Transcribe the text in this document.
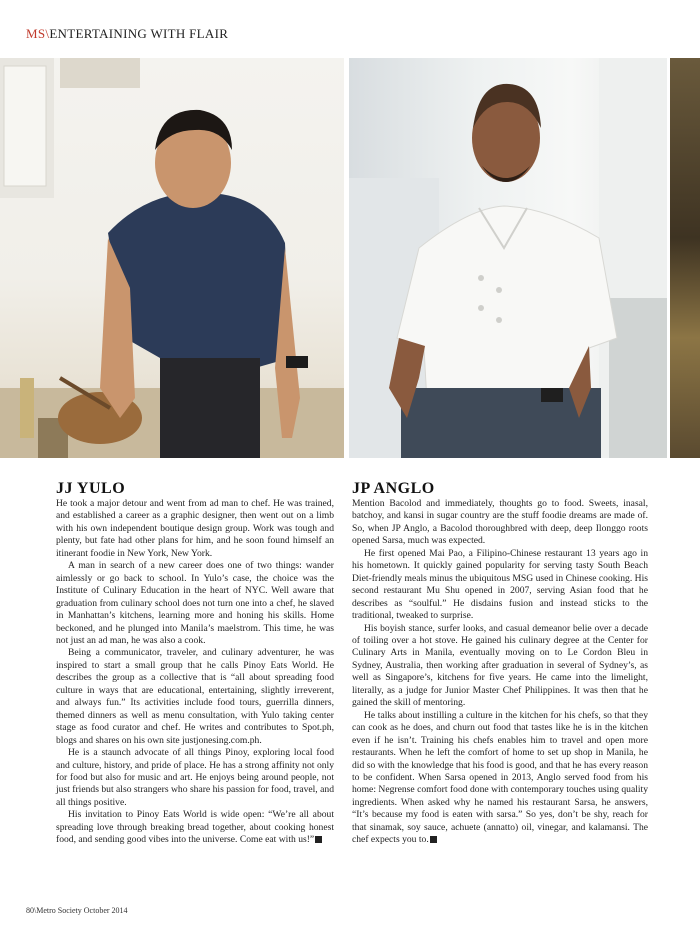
MS\ENTERTAINING WITH FLAIR
JJ YULO

He took a major detour and went from ad man to chef. He was trained, and established a career as a graphic designer, then went out on a limb with his own independent boutique design group. Work was tough and plenty, but fate had other plans for him, and he soon found himself an itinerant foodie in New York, New York.

A man in search of a new career does one of two things: wander aimlessly or go back to school. In Yulo’s case, the choice was the Institute of Culinary Education in the heart of NYC. Well aware that graduation from culinary school does not turn one into a chef, he slaved in Manhattan’s kitchens, learning more and honing his skills. Home beckoned, and he plunged into Manila’s maelstrom. This time, he was not just an ad man, he was also a cook.

Being a communicator, traveler, and culinary adventurer, he was inspired to start a small group that he calls Pinoy Eats World. He describes the group as a collective that is “all about spreading food culture in ways that are educational, entertaining, slightly irreverent, and always fun.” Its activities include food tours, guerrilla dinners, themed dinners as well as menu consultation, with Yulo taking center stage as food curator and chef. He writes and contributes to Spot.ph, blogs and shares on his own site justjonesing.com.ph.

He is a staunch advocate of all things Pinoy, exploring local food and culture, history, and pride of place. He has a strong affinity not only for food but also for music and art. He enjoys being around people, not just friends but also strangers who share his passion for food, travel, and all things positive.

His invitation to Pinoy Eats World is wide open: “We’re all about spreading love through breaking bread together, about cooking honest food, and sending good vibes into the universe. Come eat with us!”

JP ANGLO

Mention Bacolod and immediately, thoughts go to food. Sweets, inasal, batchoy, and kansi in sugar country are the stuff foodie dreams are made of. So, when JP Anglo, a Bacolod thoroughbred with deep, deep Ilonggo roots opened Sarsa, much was expected.

He first opened Mai Pao, a Filipino-Chinese restaurant 13 years ago in his hometown. It quickly gained popularity for serving tasty South Beach Diet-friendly meals minus the ubiquitous MSG used in Chinese cooking. His second restaurant Mu Shu opened in 2007, serving Asian food that he describes as “soulful.” He disdains fusion and instead sticks to the traditional, tweaked to surprise.

His boyish stance, surfer looks, and casual demeanor belie over a decade of toiling over a hot stove. He gained his culinary degree at the Center for Culinary Arts in Manila, eventually moving on to Le Cordon Bleu in Sydney, Australia, then working after graduation in several of Sydney’s, as well as Singapore’s, kitchens for five years. He came into the limelight, literally, as a judge for Junior Master Chef Philippines. It was then that he gained the skill of mentoring.

He talks about instilling a culture in the kitchen for his chefs, so that they can cook as he does, and churn out food that tastes like he is in the kitchen even if he isn’t. Training his chefs enables him to travel and open more restaurants. When he left the comfort of home to set up shop in Manila, he did so with the knowledge that his food is good, and that he has every reason to be confident. When Sarsa opened in 2013, Anglo served food from his home: Negrense comfort food done with contemporary touches using quality ingredients. When asked why he named his restaurant Sarsa, he answers, “It’s because my food is eaten with sarsa.” So yes, don’t be shy, reach for that sinamak, soy sauce, achuete (annatto) oil, vinegar, and kalamansi. The chef expects you to.

80\Metro Society October 2014
